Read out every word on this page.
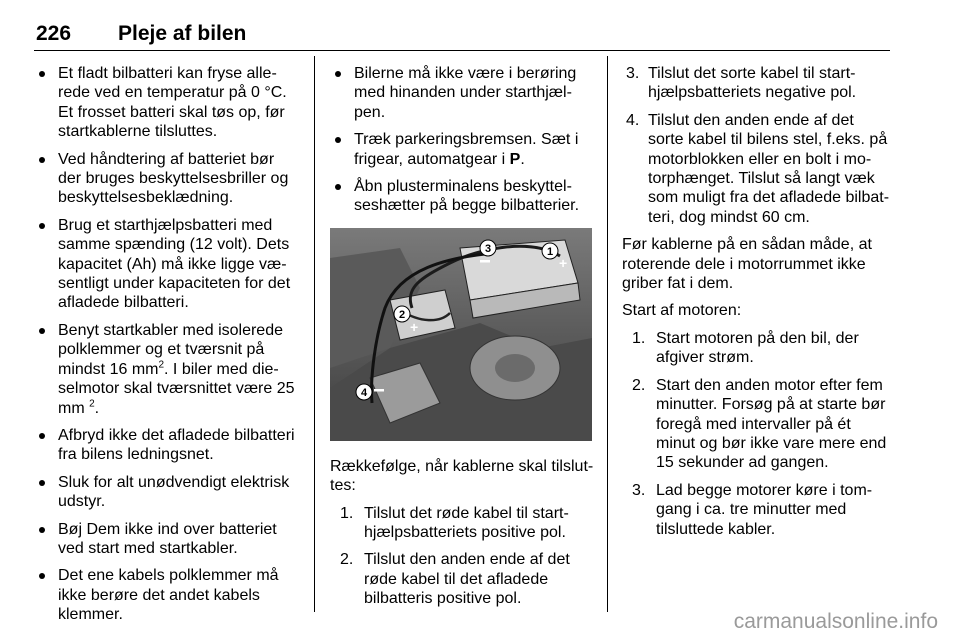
226 Pleje af bilen
Et fladt bilbatteri kan fryse allerede ved en temperatur på 0 °C. Et frosset batteri skal tøs op, før startkablerne tilsluttes.
Ved håndtering af batteriet bør der bruges beskyttelsesbriller og beskyttelsesbeklædning.
Brug et starthjælpsbatteri med samme spænding (12 volt). Dets kapacitet (Ah) må ikke ligge væsentligt under kapaciteten for det afladede bilbatteri.
Benyt startkabler med isolerede polklemmer og et tværsnit på mindst 16 $mm^2$. I biler med dieselmotor skal tværsnittet være 25 mm $^2$.
Afbryd ikke det afladede bilbatteri fra bilens ledningsnet.
Sluk for alt unødvendigt elektrisk udstyr.
Bøj Dem ikke ind over batteriet ved start med startkabler.
Det ene kabels polklemmer må ikke berøre det andet kabels klemmer.
Bilerne må ikke være i berøring med hinanden under starthjælpen.
Træk parkeringsbremsen. Sæt i frigear, automatgear i P.
Åbn plusterminalens beskyttelseshætter på begge bilbatterier.
1
+
2
+
3
4

Rækkefølge, når kablerne skal tilsluttes:

1. Tilslut det røde kabel til starthjælpsbatteriets positive pol.
2. Tilslut den anden ende af det røde kabel til det afladede bilbatteris positive pol.
3. Tilslut det sorte kabel til starthjælpsbatteriets negative pol.
4. Tilslut den anden ende af det sorte kabel til bilens stel, f.eks. på motorblokken eller en bolt i motorphænget. Tilslut så langt væk som muligt fra det afladede bilbatteri, dog mindst 60 cm.

Før kablerne på en sådan måde, at roterende dele i motorrummet ikke griber fat i dem.

Start af motoren:

1. Start motoren på den bil, der afgiver strøm.
2. Start den anden motor efter fem minutter. Forsøg på at starte bør foregå med intervaller på ét minut og bør ikke vare mere end 15 sekunder ad gangen.
3. Lad begge motorer køre i tomgang i ca. tre minutter med tilsluttede kabler.
carmanualsonline.info
